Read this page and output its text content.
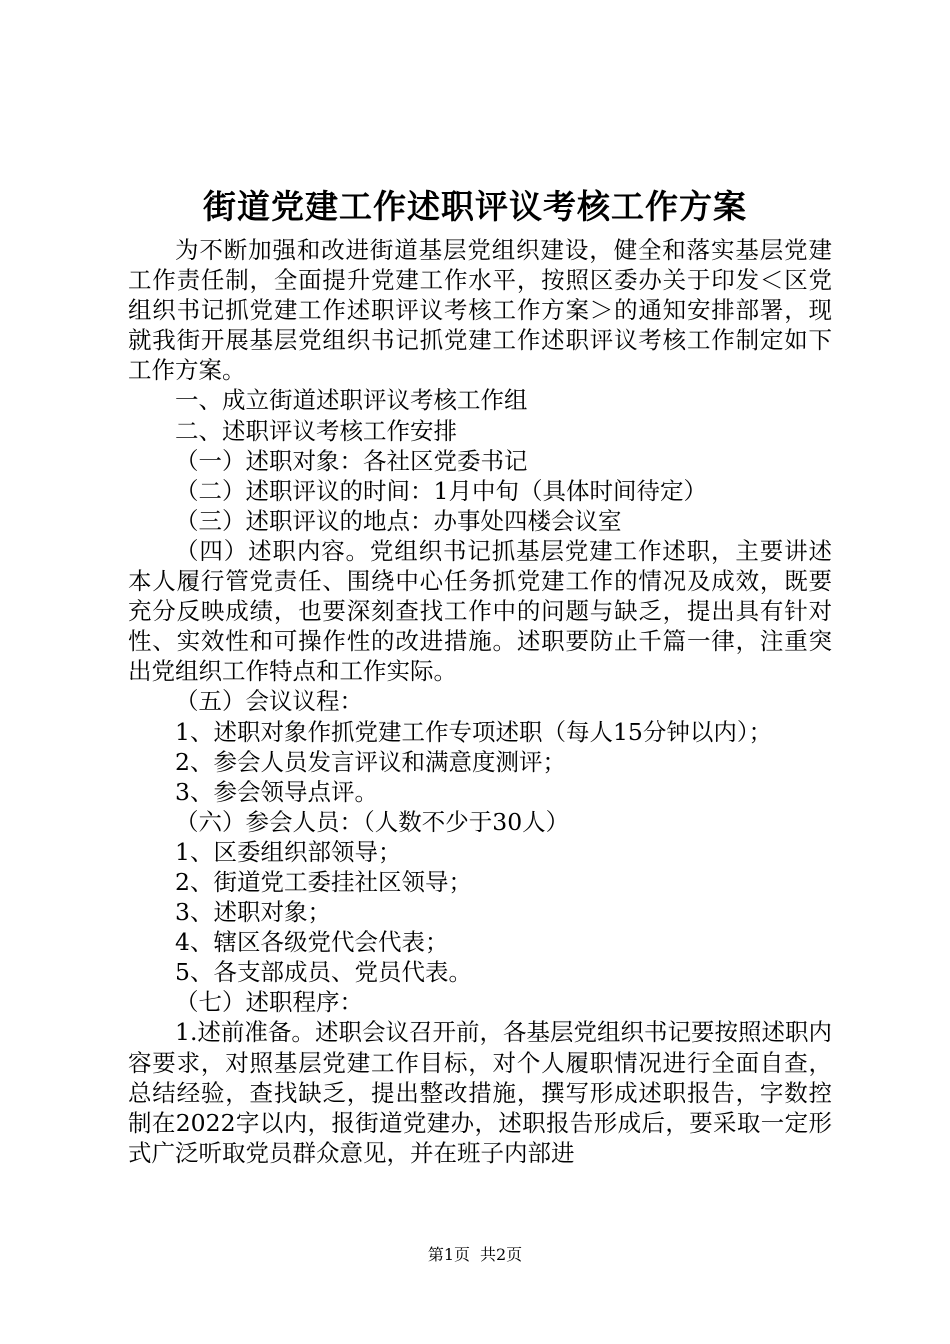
街道党建工作述职评议考核工作方案

为不断加强和改进街道基层党组织建设，健全和落实基层党建工作责任制，全面提升党建工作水平，按照区委办关于印发＜区党组织书记抓党建工作述职评议考核工作方案＞的通知安排部署，现就我街开展基层党组织书记抓党建工作述职评议考核工作制定如下工作方案。

一、成立街道述职评议考核工作组

二、述职评议考核工作安排

（一）述职对象：各社区党委书记

（二）述职评议的时间：1月中旬（具体时间待定）

（三）述职评议的地点：办事处四楼会议室

（四）述职内容。党组织书记抓基层党建工作述职，主要讲述本人履行管党责任、围绕中心任务抓党建工作的情况及成效，既要充分反映成绩，也要深刻查找工作中的问题与缺乏，提出具有针对性、实效性和可操作性的改进措施。述职要防止千篇一律，注重突出党组织工作特点和工作实际。

（五）会议议程：

1、述职对象作抓党建工作专项述职（每人15分钟以内）；

2、参会人员发言评议和满意度测评；

3、参会领导点评。

（六）参会人员：（人数不少于30人）

1、区委组织部领导；

2、街道党工委挂社区领导；

3、述职对象；

4、辖区各级党代会代表；

5、各支部成员、党员代表。

（七）述职程序：

1.述前准备。述职会议召开前，各基层党组织书记要按照述职内容要求，对照基层党建工作目标，对个人履职情况进行全面自查，总结经验，查找缺乏，提出整改措施，撰写形成述职报告，字数控制在2022字以内，报街道党建办，述职报告形成后，要采取一定形式广泛听取党员群众意见，并在班子内部进

第1页 共2页
